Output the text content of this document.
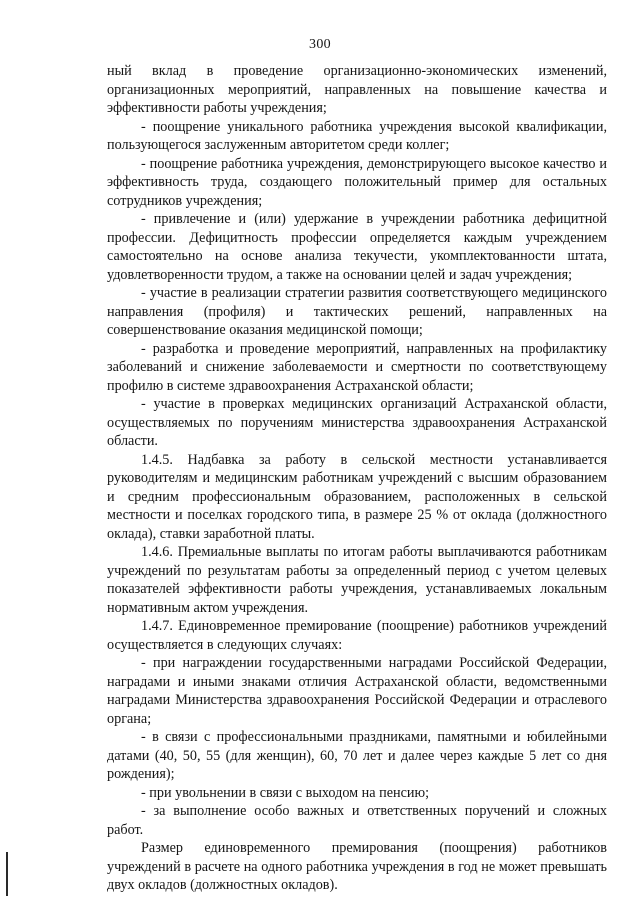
300

ный вклад в проведение организационно-экономических изменений, организационных мероприятий, направленных на повышение качества и эффективности работы учреждения;

- поощрение уникального работника учреждения высокой квалификации, пользующегося заслуженным авторитетом среди коллег;

- поощрение работника учреждения, демонстрирующего высокое качество и эффективность труда, создающего положительный пример для остальных сотрудников учреждения;

- привлечение и (или) удержание в учреждении работника дефицитной профессии. Дефицитность профессии определяется каждым учреждением самостоятельно на основе анализа текучести, укомплектованности штата, удовлетворенности трудом, а также на основании целей и задач учреждения;

- участие в реализации стратегии развития соответствующего медицинского направления (профиля) и тактических решений, направленных на совершенствование оказания медицинской помощи;

- разработка и проведение мероприятий, направленных на профилактику заболеваний и снижение заболеваемости и смертности по соответствующему профилю в системе здравоохранения Астраханской области;

- участие в проверках медицинских организаций Астраханской области, осуществляемых по поручениям министерства здравоохранения Астраханской области.

1.4.5. Надбавка за работу в сельской местности устанавливается руководителям и медицинским работникам учреждений с высшим образованием и средним профессиональным образованием, расположенных в сельской местности и поселках городского типа, в размере 25 % от оклада (должностного оклада), ставки заработной платы.

1.4.6. Премиальные выплаты по итогам работы выплачиваются работникам учреждений по результатам работы за определенный период с учетом целевых показателей эффективности работы учреждения, устанавливаемых локальным нормативным актом учреждения.

1.4.7. Единовременное премирование (поощрение) работников учреждений осуществляется в следующих случаях:

- при награждении государственными наградами Российской Федерации, наградами и иными знаками отличия Астраханской области, ведомственными наградами Министерства здравоохранения Российской Федерации и отраслевого органа;

- в связи с профессиональными праздниками, памятными и юбилейными датами (40, 50, 55 (для женщин), 60, 70 лет и далее через каждые 5 лет со дня рождения);

- при увольнении в связи с выходом на пенсию;

- за выполнение особо важных и ответственных поручений и сложных работ.

Размер единовременного премирования (поощрения) работников учреждений в расчете на одного работника учреждения в год не может превышать двух окладов (должностных окладов).
